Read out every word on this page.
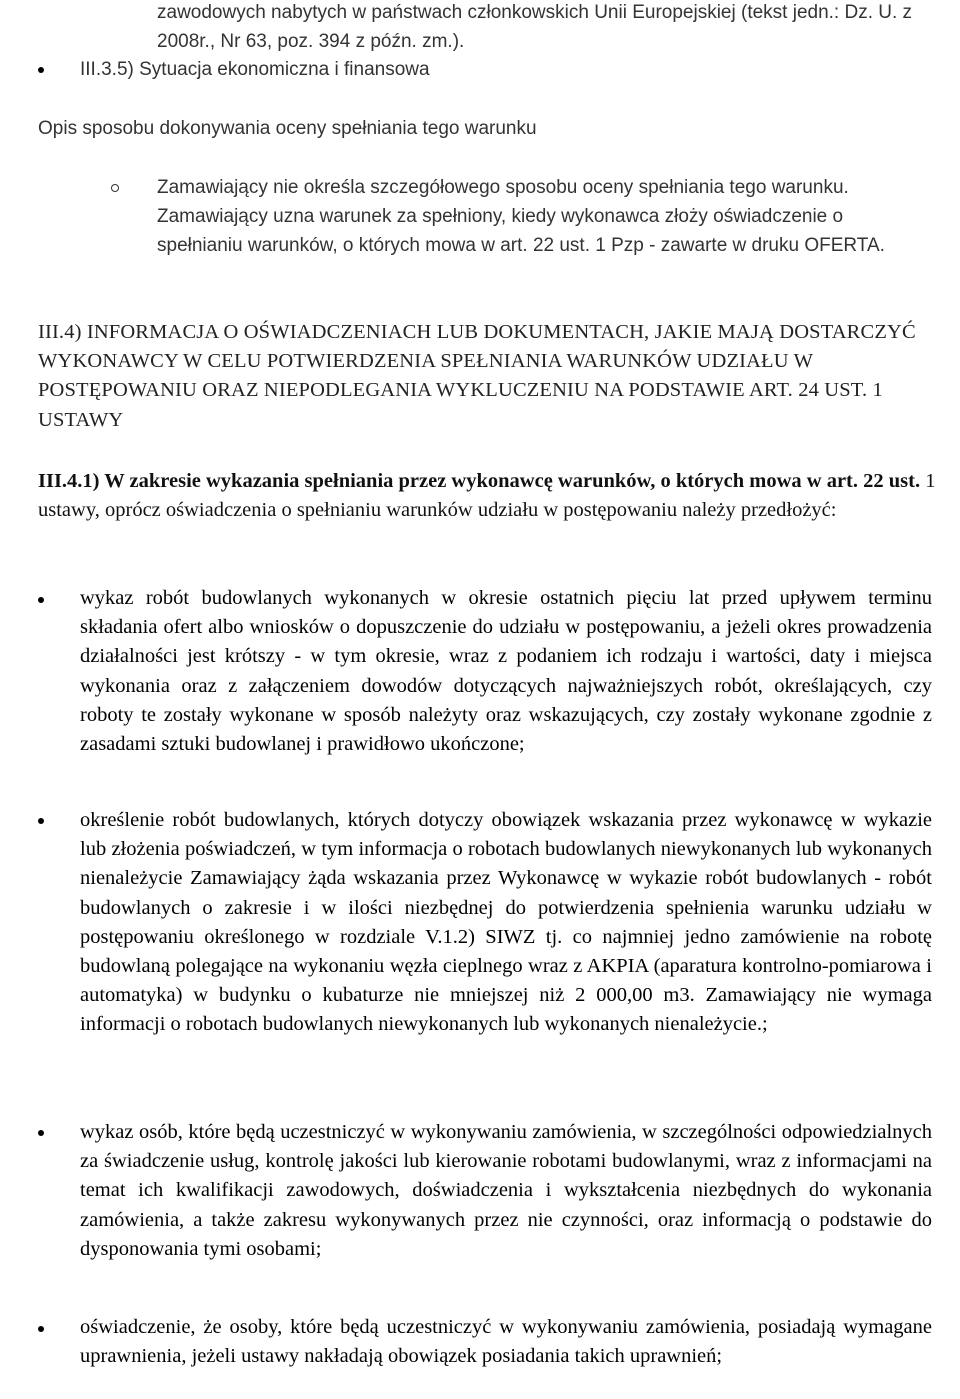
zawodowych nabytych w państwach członkowskich Unii Europejskiej (tekst jedn.: Dz. U. z 2008r., Nr 63, poz. 394 z późn. zm.).

III.3.5) Sytuacja ekonomiczna i finansowa

Opis sposobu dokonywania oceny spełniania tego warunku

Zamawiający nie określa szczegółowego sposobu oceny spełniania tego warunku. Zamawiający uzna warunek za spełniony, kiedy wykonawca złoży oświadczenie o spełnianiu warunków, o których mowa w art. 22 ust. 1 Pzp - zawarte w druku OFERTA.

III.4) INFORMACJA O OŚWIADCZENIACH LUB DOKUMENTACH, JAKIE MAJĄ DOSTARCZYĆ WYKONAWCY W CELU POTWIERDZENIA SPEŁNIANIA WARUNKÓW UDZIAŁU W POSTĘPOWANIU ORAZ NIEPODLEGANIA WYKLUCZENIU NA PODSTAWIE ART. 24 UST. 1 USTAWY

III.4.1) W zakresie wykazania spełniania przez wykonawcę warunków, o których mowa w art. 22 ust. 1 ustawy, oprócz oświadczenia o spełnianiu warunków udziału w postępowaniu należy przedłożyć:

wykaz robót budowlanych wykonanych w okresie ostatnich pięciu lat przed upływem terminu składania ofert albo wniosków o dopuszczenie do udziału w postępowaniu, a jeżeli okres prowadzenia działalności jest krótszy - w tym okresie, wraz z podaniem ich rodzaju i wartości, daty i miejsca wykonania oraz z załączeniem dowodów dotyczących najważniejszych robót, określających, czy roboty te zostały wykonane w sposób należyty oraz wskazujących, czy zostały wykonane zgodnie z zasadami sztuki budowlanej i prawidłowo ukończone;

określenie robót budowlanych, których dotyczy obowiązek wskazania przez wykonawcę w wykazie lub złożenia poświadczeń, w tym informacja o robotach budowlanych niewykonanych lub wykonanych nienależycie Zamawiający żąda wskazania przez Wykonawcę w wykazie robót budowlanych - robót budowlanych o zakresie i w ilości niezbędnej do potwierdzenia spełnienia warunku udziału w postępowaniu określonego w rozdziale V.1.2) SIWZ tj. co najmniej jedno zamówienie na robotę budowlaną polegające na wykonaniu węzła cieplnego wraz z AKPIA (aparatura kontrolno-pomiarowa i automatyka) w budynku o kubaturze nie mniejszej niż 2 000,00 m3. Zamawiający nie wymaga informacji o robotach budowlanych niewykonanych lub wykonanych nienależycie.;

wykaz osób, które będą uczestniczyć w wykonywaniu zamówienia, w szczególności odpowiedzialnych za świadczenie usług, kontrolę jakości lub kierowanie robotami budowlanymi, wraz z informacjami na temat ich kwalifikacji zawodowych, doświadczenia i wykształcenia niezbędnych do wykonania zamówienia, a także zakresu wykonywanych przez nie czynności, oraz informacją o podstawie do dysponowania tymi osobami;

oświadczenie, że osoby, które będą uczestniczyć w wykonywaniu zamówienia, posiadają wymagane uprawnienia, jeżeli ustawy nakładają obowiązek posiadania takich uprawnień;
